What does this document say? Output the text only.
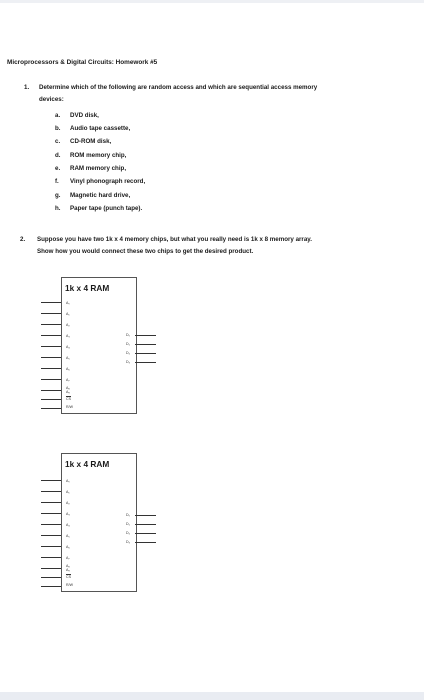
Microprocessors & Digital Circuits: Homework #5
1. Determine which of the following are random access and which are sequential access memory
devices:
a. DVD disk,
b. Audio tape cassette,
c. CD-ROM disk,
d. ROM memory chip,
e. RAM memory chip,
f. Vinyl phonograph record,
g. Magnetic hard drive,
h. Paper tape (punch tape).
2. Suppose you have two 1k x 4 memory chips, but what you really need is 1k x 8 memory array.
Show how you would connect these two chips to get the desired product.
1k x 4 RAM
A₀
A₁
A₂
A₃
A₄
A₅
A₆
A₇
A₈
A₉
$\overline{CS}$
R/W
D₀
D₁
D₂
D₃
1k x 4 RAM
A₀
A₁
A₂
A₃
A₄
A₅
A₆
A₇
A₈
A₉
$\overline{CS}$
R/W
D₀
D₁
D₂
D₃
